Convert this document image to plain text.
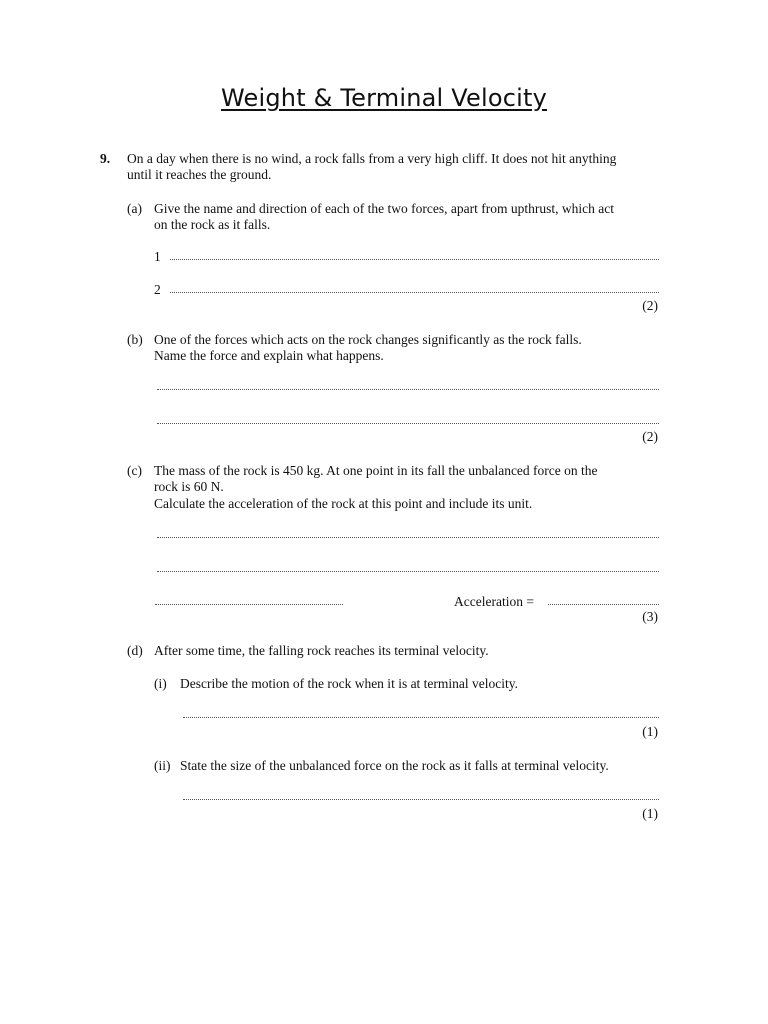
Weight & Terminal Velocity
9. On a day when there is no wind, a rock falls from a very high cliff. It does not hit anything
until it reaches the ground.
(a) Give the name and direction of each of the two forces, apart from upthrust, which act
on the rock as it falls.
1
2
(2)
(b) One of the forces which acts on the rock changes significantly as the rock falls.
Name the force and explain what happens.
(2)
(c) The mass of the rock is 450 kg. At one point in its fall the unbalanced force on the
rock is 60 N.
Calculate the acceleration of the rock at this point and include its unit.
Acceleration =
(3)
(d) After some time, the falling rock reaches its terminal velocity.
(i) Describe the motion of the rock when it is at terminal velocity.
(1)
(ii) State the size of the unbalanced force on the rock as it falls at terminal velocity.
(1)
